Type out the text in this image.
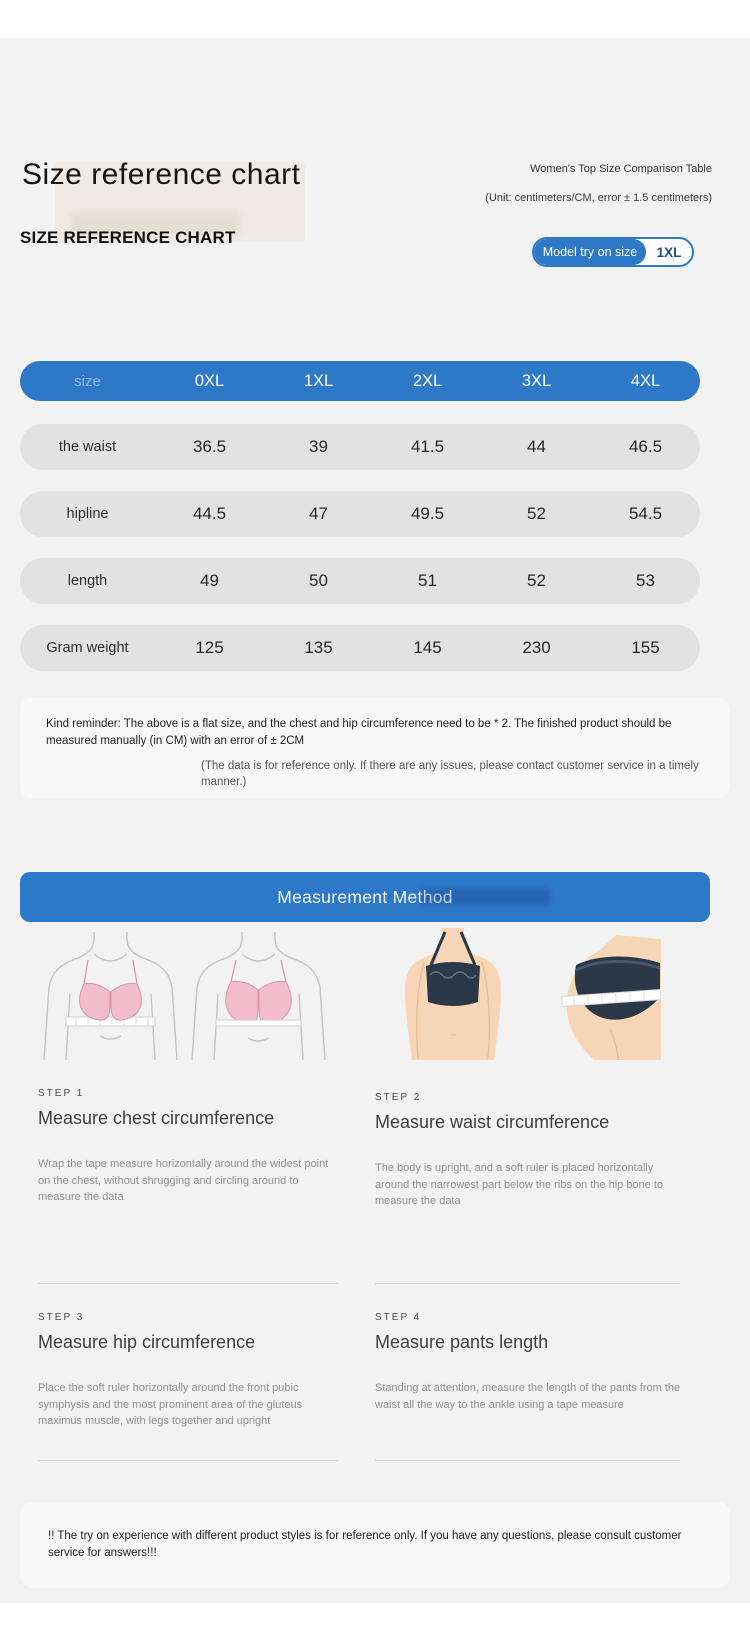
Size reference chart
SIZE REFERENCE CHART
Women's Top Size Comparison Table
(Unit: centimeters/CM, error ± 1.5 centimeters)
Model try on size	1XL
size	0XL	1XL	2XL	3XL	4XL
the waist	36.5	39	41.5	44	46.5
hipline	44.5	47	49.5	52	54.5
length	49	50	51	52	53
Gram weight	125	135	145	230	155
Kind reminder: The above is a flat size, and the chest and hip circumference need to be * 2. The finished product should be measured manually (in CM) with an error of ± 2CM
(The data is for reference only. If there are any issues, please contact customer service in a timely manner.)
Measurement Method
STEP 1
Measure chest circumference
Wrap the tape measure horizontally around the widest point on the chest, without shrugging and circling around to measure the data
STEP 2
Measure waist circumference
The body is upright, and a soft ruler is placed horizontally around the narrowest part below the ribs on the hip bone to measure the data
STEP 3
Measure hip circumference
Place the soft ruler horizontally around the front pubic symphysis and the most prominent area of the gluteus maximus muscle, with legs together and upright
STEP 4
Measure pants length
Standing at attention, measure the length of the pants from the waist all the way to the ankle using a tape measure
!! The try on experience with different product styles is for reference only. If you have any questions, please consult customer service for answers!!!
